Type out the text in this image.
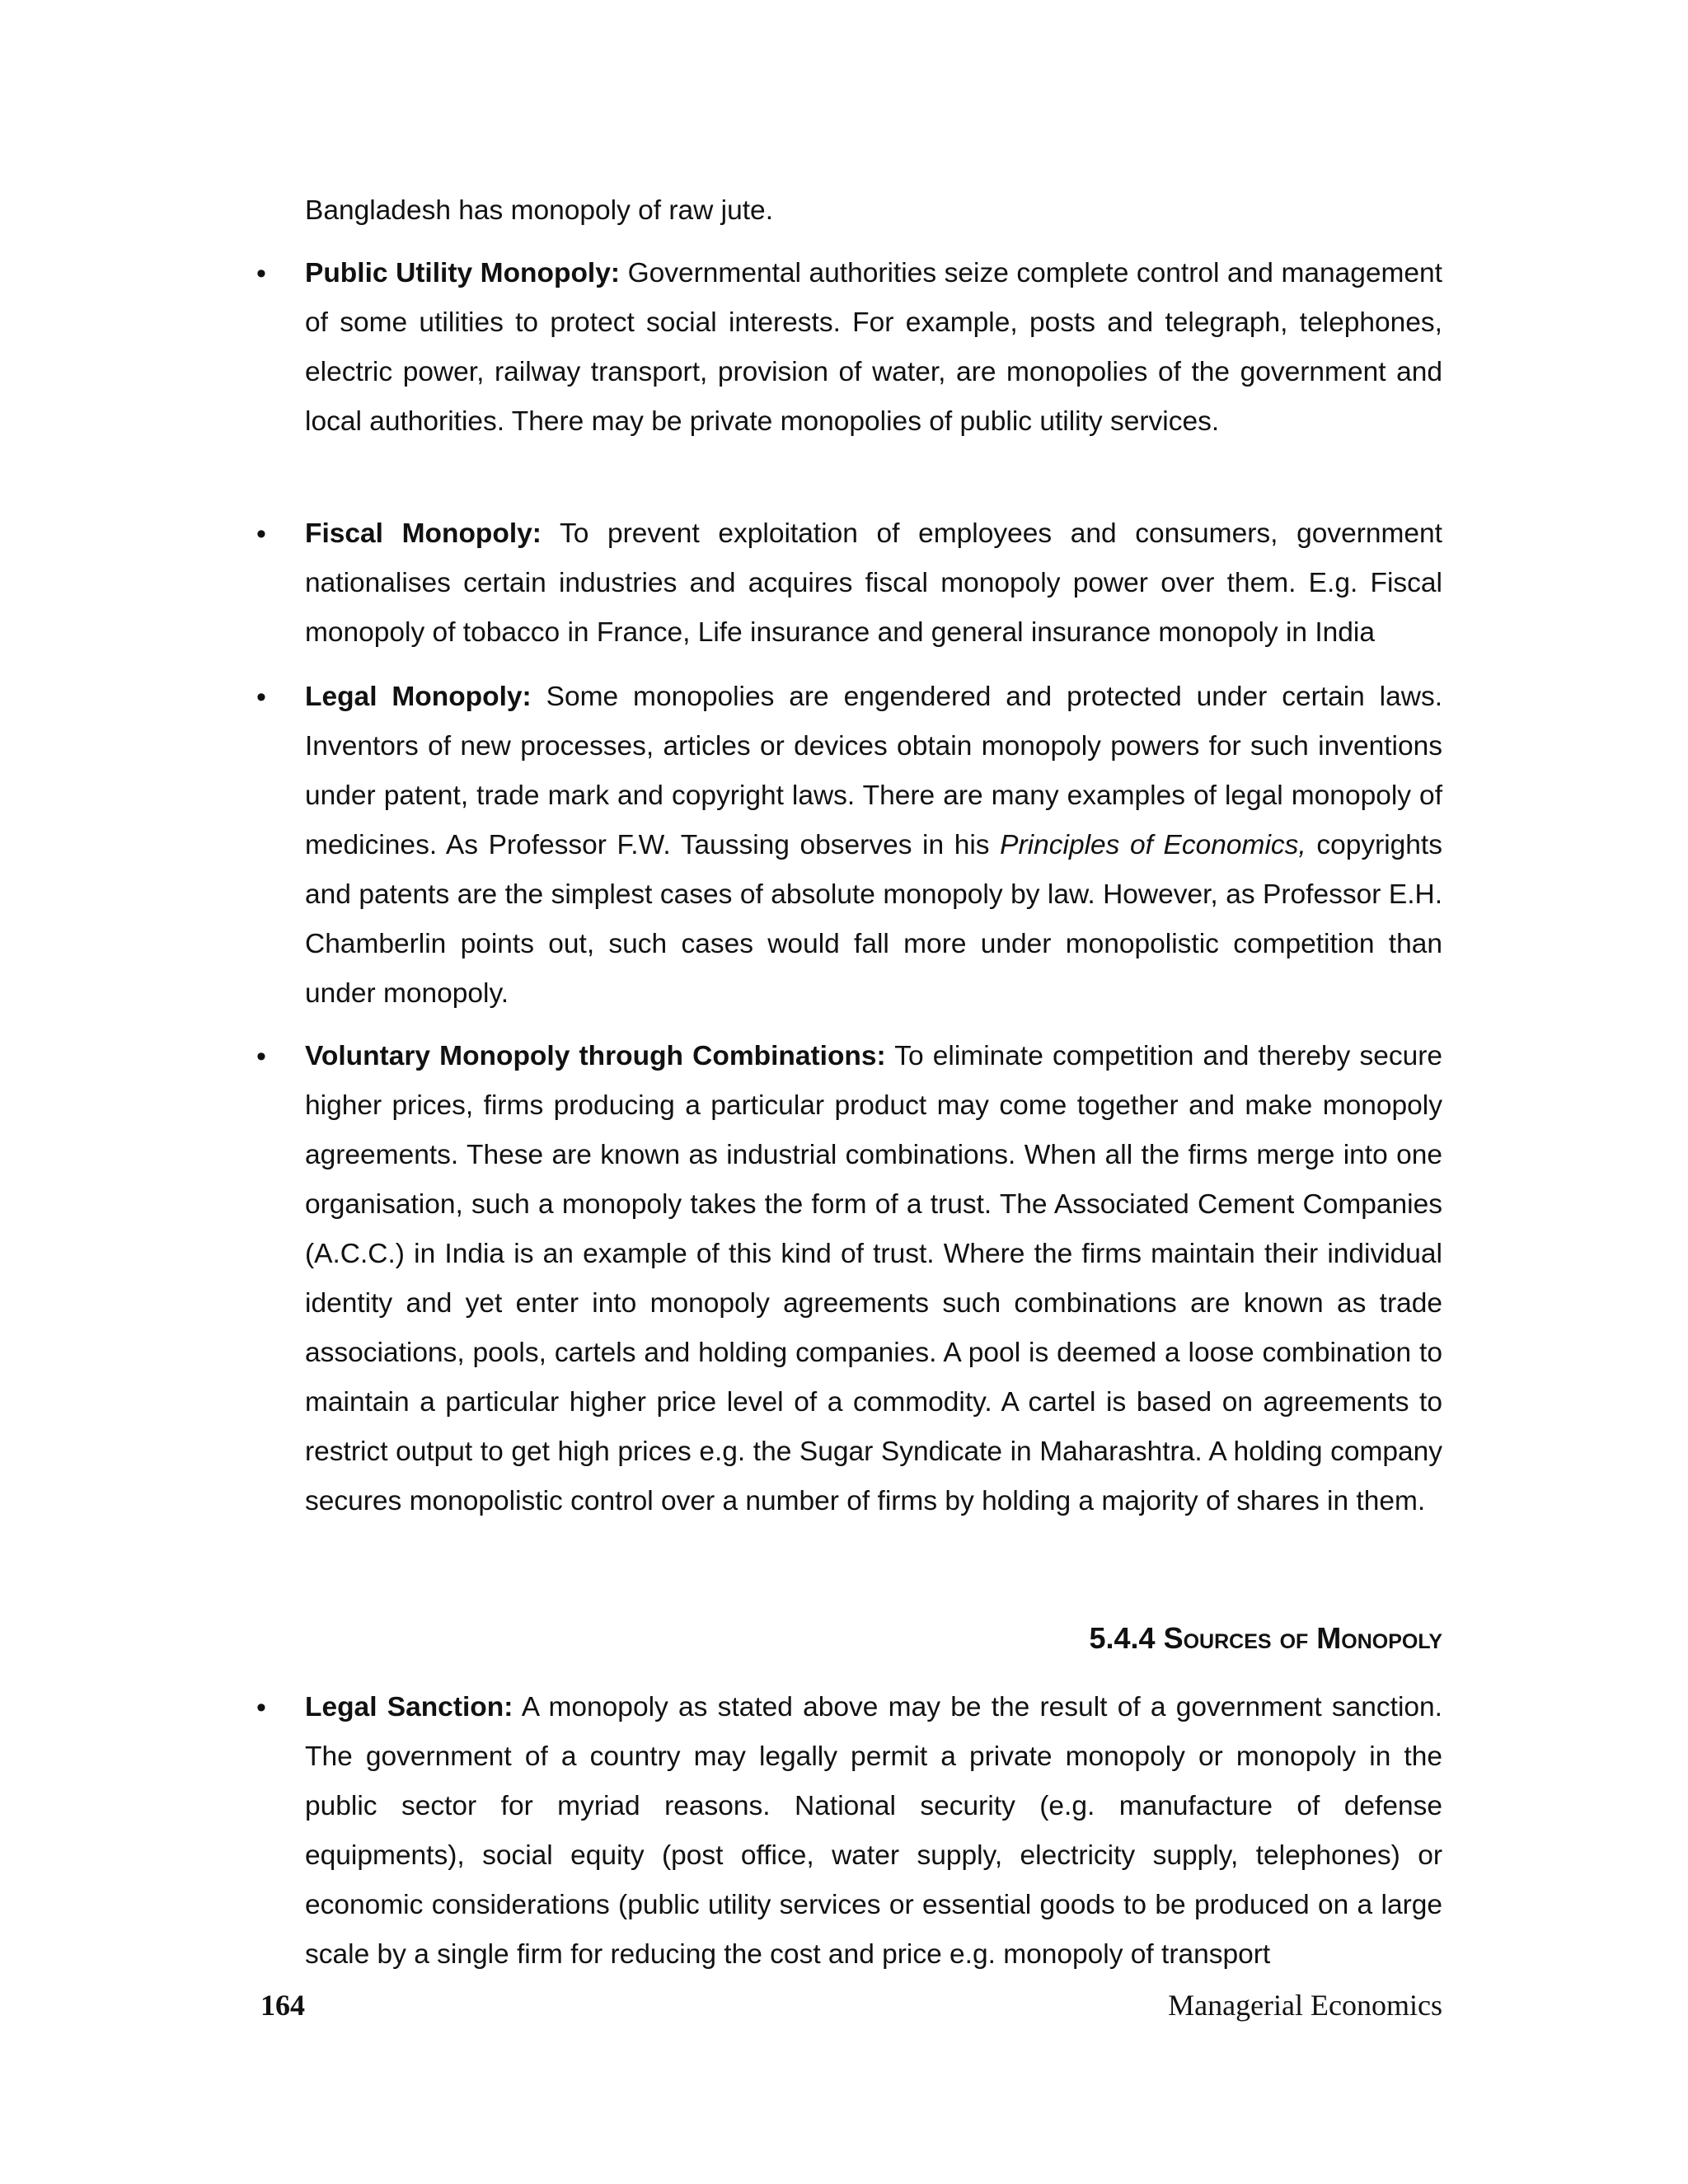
Bangladesh has monopoly of raw jute.
• Public Utility Monopoly: Governmental authorities seize complete control and management of some utilities to protect social interests. For example, posts and telegraph, telephones, electric power, railway transport, provision of water, are monopolies of the government and local authorities. There may be private monopolies of public utility services.
• Fiscal Monopoly: To prevent exploitation of employees and consumers, government nationalises certain industries and acquires fiscal monopoly power over them. E.g. Fiscal monopoly of tobacco in France, Life insurance and general insurance monopoly in India
• Legal Monopoly: Some monopolies are engendered and protected under certain laws. Inventors of new processes, articles or devices obtain monopoly powers for such inventions under patent, trade mark and copyright laws. There are many examples of legal monopoly of medicines. As Professor F.W. Taussing observes in his Principles of Economics, copyrights and patents are the simplest cases of absolute monopoly by law. However, as Professor E.H. Chamberlin points out, such cases would fall more under monopolistic competition than under monopoly.
• Voluntary Monopoly through Combinations: To eliminate competition and thereby secure higher prices, firms producing a particular product may come together and make monopoly agreements. These are known as industrial combinations. When all the firms merge into one organisation, such a monopoly takes the form of a trust. The Associated Cement Companies (A.C.C.) in India is an example of this kind of trust. Where the firms maintain their individual identity and yet enter into monopoly agreements such combinations are known as trade associations, pools, cartels and holding companies. A pool is deemed a loose combination to maintain a particular higher price level of a commodity. A cartel is based on agreements to restrict output to get high prices e.g. the Sugar Syndicate in Maharashtra. A holding company secures monopolistic control over a number of firms by holding a majority of shares in them.
5.4.4 Sources of Monopoly
• Legal Sanction: A monopoly as stated above may be the result of a government sanction. The government of a country may legally permit a private monopoly or monopoly in the public sector for myriad reasons. National security (e.g. manufacture of defense equipments), social equity (post office, water supply, electricity supply, telephones) or economic considerations (public utility services or essential goods to be produced on a large scale by a single firm for reducing the cost and price e.g. monopoly of transport
164	Managerial Economics
